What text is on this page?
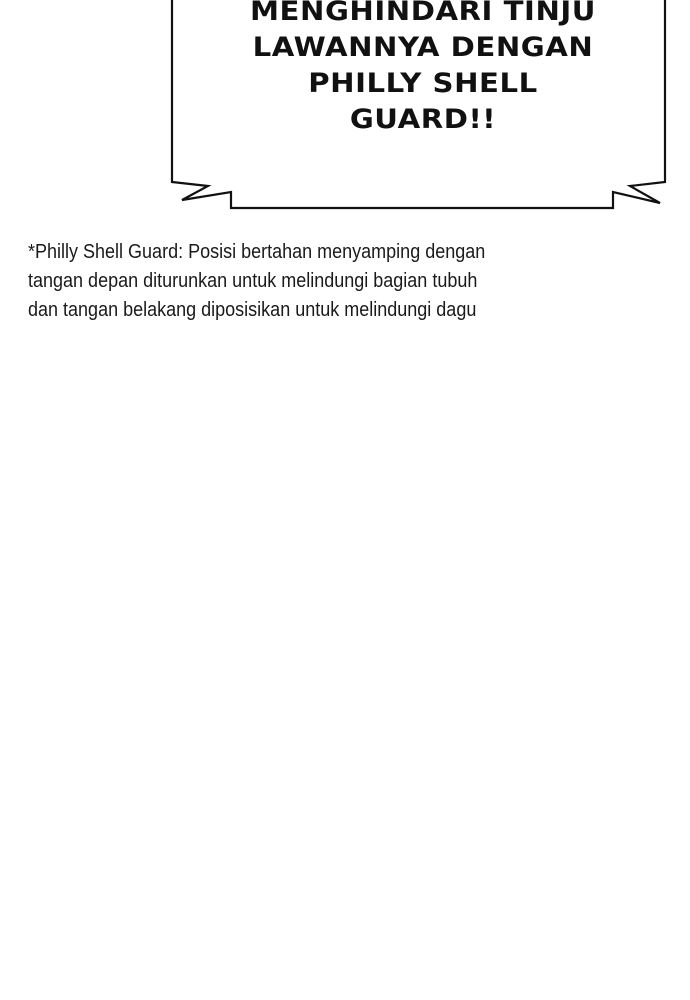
MENGHINDARI TINJU
LAWANNYA DENGAN
PHILLY SHELL
GUARD!!
*Philly Shell Guard: Posisi bertahan menyamping dengan
tangan depan diturunkan untuk melindungi bagian tubuh
dan tangan belakang diposisikan untuk melindungi dagu
